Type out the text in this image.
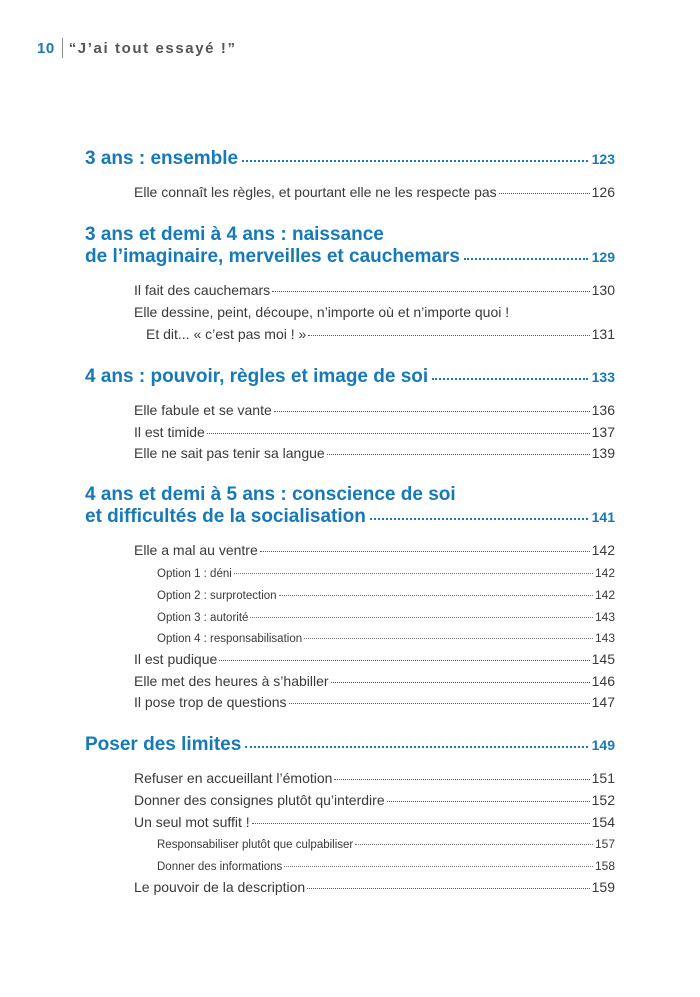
10 “J’ai tout essayé !”
3 ans : ensemble	123
Elle connaît les règles, et pourtant elle ne les respecte pas	126
3 ans et demi à 4 ans : naissance
de l’imaginaire, merveilles et cauchemars	129
Il fait des cauchemars	130
Elle dessine, peint, découpe, n’importe où et n’importe quoi !
Et dit... « c’est pas moi ! »	131
4 ans : pouvoir, règles et image de soi	133
Elle fabule et se vante	136
Il est timide	137
Elle ne sait pas tenir sa langue	139
4 ans et demi à 5 ans : conscience de soi
et difficultés de la socialisation	141
Elle a mal au ventre	142
Option 1 : déni	142
Option 2 : surprotection	142
Option 3 : autorité	143
Option 4 : responsabilisation	143
Il est pudique	145
Elle met des heures à s’habiller	146
Il pose trop de questions	147
Poser des limites	149
Refuser en accueillant l’émotion	151
Donner des consignes plutôt qu’interdire	152
Un seul mot suffit !	154
Responsabiliser plutôt que culpabiliser	157
Donner des informations	158
Le pouvoir de la description	159
